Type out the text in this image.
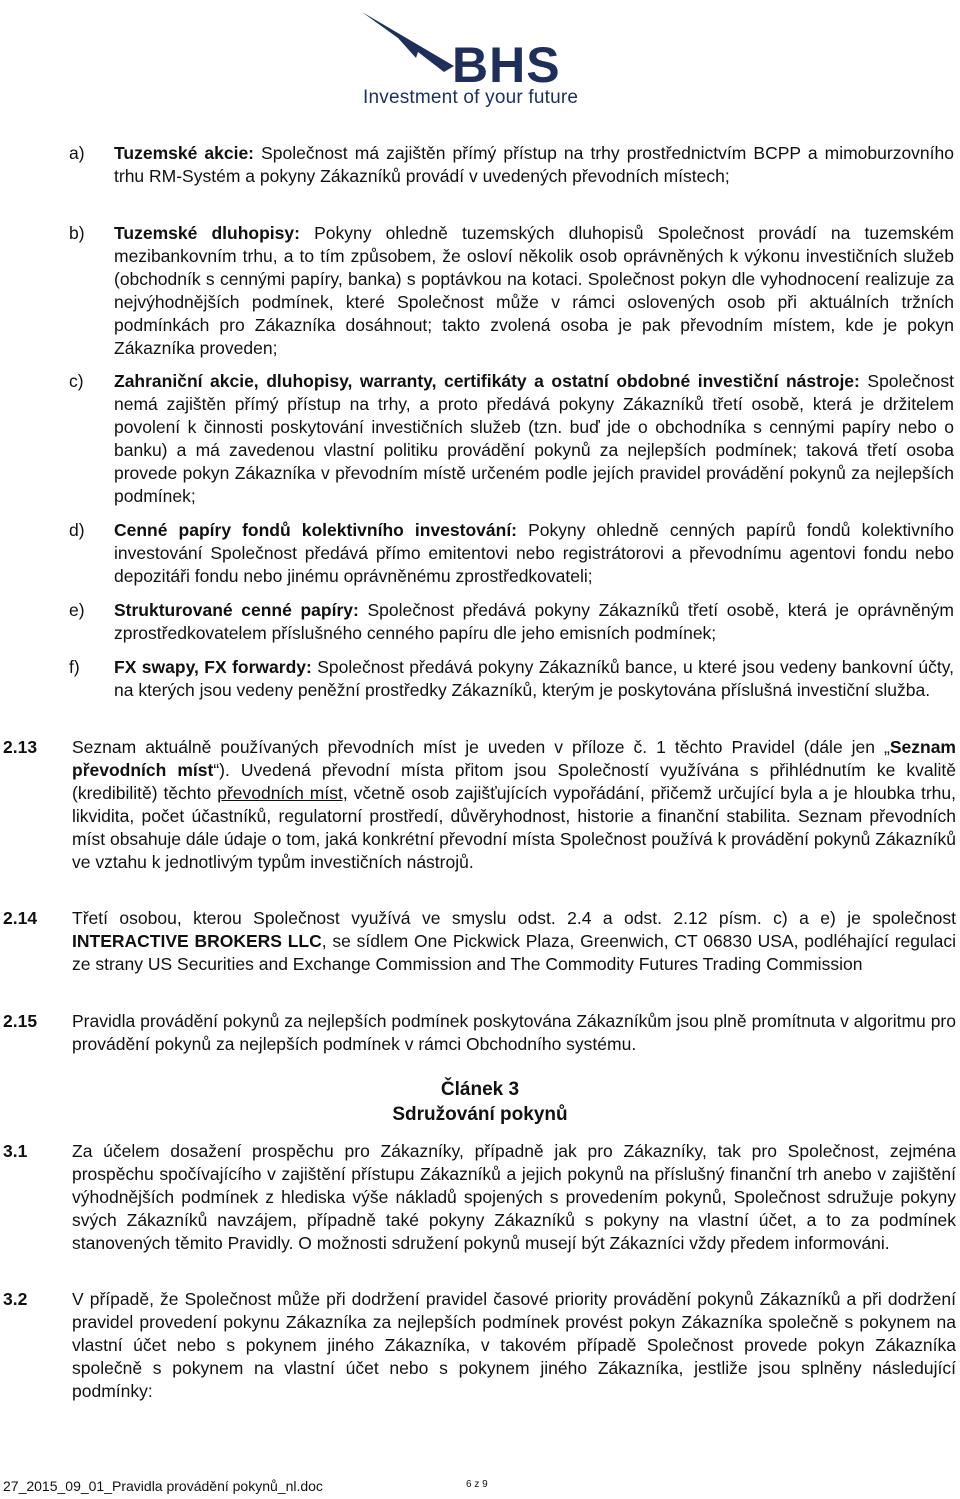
BHS
Investment of your future
a) Tuzemské akcie: Společnost má zajištěn přímý přístup na trhy prostřednictvím BCPP a mimoburzovního trhu RM-Systém a pokyny Zákazníků provádí v uvedených převodních místech;
b) Tuzemské dluhopisy: Pokyny ohledně tuzemských dluhopisů Společnost provádí na tuzemském mezibankovním trhu, a to tím způsobem, že osloví několik osob oprávněných k výkonu investičních služeb (obchodník s cennými papíry, banka) s poptávkou na kotaci. Společnost pokyn dle vyhodnocení realizuje za nejvýhodnějších podmínek, které Společnost může v rámci oslovených osob při aktuálních tržních podmínkách pro Zákazníka dosáhnout; takto zvolená osoba je pak převodním místem, kde je pokyn Zákazníka proveden;
c) Zahraniční akcie, dluhopisy, warranty, certifikáty a ostatní obdobné investiční nástroje: Společnost nemá zajištěn přímý přístup na trhy, a proto předává pokyny Zákazníků třetí osobě, která je držitelem povolení k činnosti poskytování investičních služeb (tzn. buď jde o obchodníka s cennými papíry nebo o banku) a má zavedenou vlastní politiku provádění pokynů za nejlepších podmínek; taková třetí osoba provede pokyn Zákazníka v převodním místě určeném podle jejích pravidel provádění pokynů za nejlepších podmínek;
d) Cenné papíry fondů kolektivního investování: Pokyny ohledně cenných papírů fondů kolektivního investování Společnost předává přímo emitentovi nebo registrátorovi a převodnímu agentovi fondu nebo depozitáři fondu nebo jinému oprávněnému zprostředkovateli;
e) Strukturované cenné papíry: Společnost předává pokyny Zákazníků třetí osobě, která je oprávněným zprostředkovatelem příslušného cenného papíru dle jeho emisních podmínek;
f) FX swapy, FX forwardy: Společnost předává pokyny Zákazníků bance, u které jsou vedeny bankovní účty, na kterých jsou vedeny peněžní prostředky Zákazníků, kterým je poskytována příslušná investiční služba.
2.13 Seznam aktuálně používaných převodních míst je uveden v příloze č. 1 těchto Pravidel (dále jen „Seznam převodních míst“). Uvedená převodní místa přitom jsou Společností využívána s přihlédnutím ke kvalitě (kredibilitě) těchto převodních míst, včetně osob zajišťujících vypořádání, přičemž určující byla a je hloubka trhu, likvidita, počet účastníků, regulatorní prostředí, důvěryhodnost, historie a finanční stabilita. Seznam převodních míst obsahuje dále údaje o tom, jaká konkrétní převodní místa Společnost používá k provádění pokynů Zákazníků ve vztahu k jednotlivým typům investičních nástrojů.
2.14 Třetí osobou, kterou Společnost využívá ve smyslu odst. 2.4 a odst. 2.12 písm. c) a e) je společnost INTERACTIVE BROKERS LLC, se sídlem One Pickwick Plaza, Greenwich, CT 06830 USA, podléhající regulaci ze strany US Securities and Exchange Commission and The Commodity Futures Trading Commission
2.15 Pravidla provádění pokynů za nejlepších podmínek poskytována Zákazníkům jsou plně promítnuta v algoritmu pro provádění pokynů za nejlepších podmínek v rámci Obchodního systému.
Článek 3
Sdružování pokynů
3.1	Za účelem dosažení prospěchu pro Zákazníky, případně jak pro Zákazníky, tak pro Společnost, zejména prospěchu spočívajícího v zajištění přístupu Zákazníků a jejich pokynů na příslušný finanční trh anebo v zajištění výhodnějších podmínek z hlediska výše nákladů spojených s provedením pokynů, Společnost sdružuje pokyny svých Zákazníků navzájem, případně také pokyny Zákazníků s pokyny na vlastní účet, a to za podmínek stanovených těmito Pravidly. O možnosti sdružení pokynů musejí být Zákazníci vždy předem informováni.
3.2	V případě, že Společnost může při dodržení pravidel časové priority provádění pokynů Zákazníků a při dodržení pravidel provedení pokynu Zákazníka za nejlepších podmínek provést pokyn Zákazníka společně s pokynem na vlastní účet nebo s pokynem jiného Zákazníka, v takovém případě Společnost provede pokyn Zákazníka společně s pokynem na vlastní účet nebo s pokynem jiného Zákazníka, jestliže jsou splněny následující podmínky:
27_2015_09_01_Pravidla provádění pokynů_nl.doc	6 z 9
